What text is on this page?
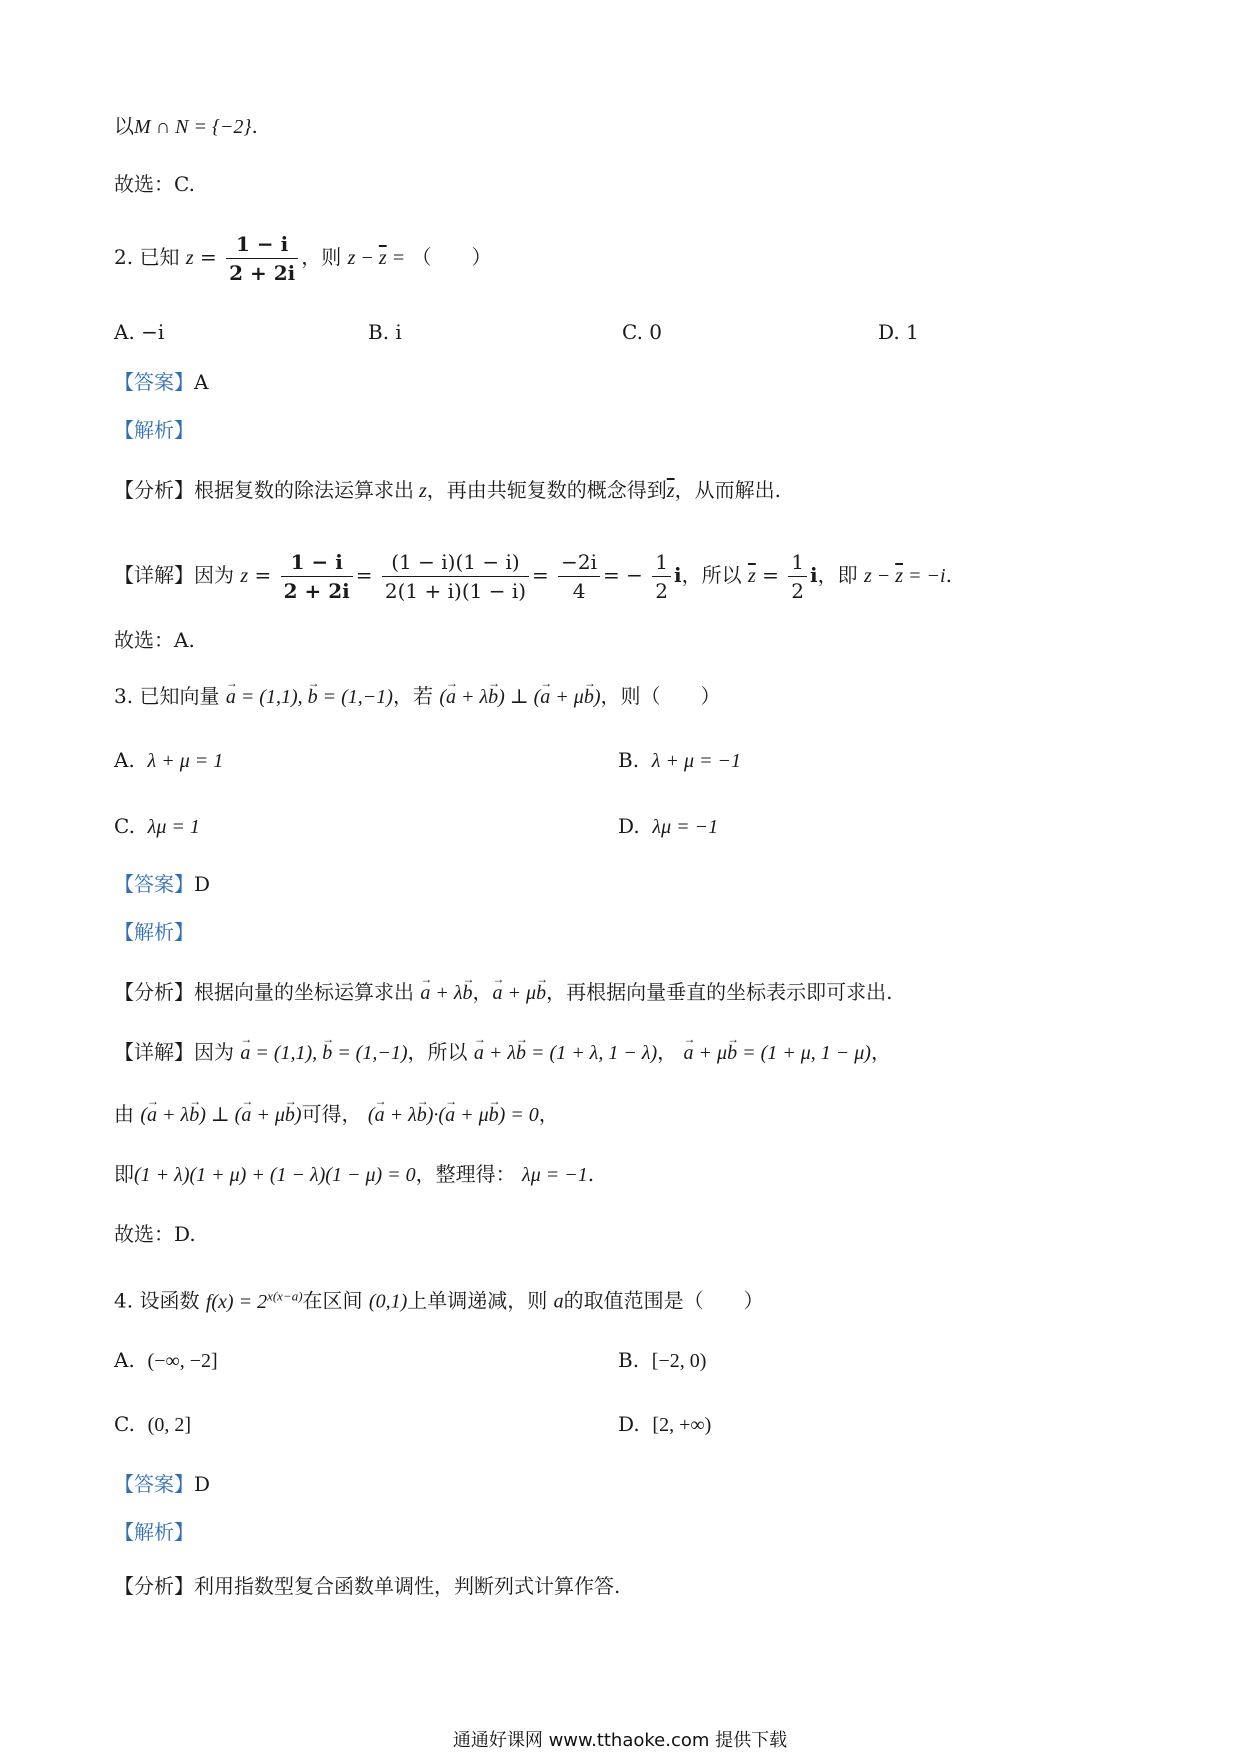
以M ∩ N = {−2}.
故选：C.
2. 已知 $z = \frac{1 - i}{2 + 2i}$ ，则 $z - \overline{z}$ = （　　）
A. −i	B. i	C. 0	D. 1
【答案】A
【解析】
【分析】根据复数的除法运算求出 z，再由共轭复数的概念得到$\overline{z}$，从而解出.
【详解】因为 $z = \frac{1 - i}{2 + 2i} = \frac{(1 - i)(1 - i)}{2(1 + i)(1 - i)} = \frac{-2i}{4}$ = − $\frac{1}{2}$ i，所以 $\overline{z} = \frac{1}{2}$ i，即 $z - \overline{z} = -i$.
故选：A.
3. 已知向量 → a = (1,1), → b = (1,−1)，若 (→ a + λ→ b) ⊥ (→ a + μ→ b)，则（　　）
A. λ + μ = 1	B. λ + μ = −1
C. λμ = 1	D. λμ = −1
【答案】D
【解析】
【分析】根据向量的坐标运算求出 → a + λ→ b，→ a + μ→ b，再根据向量垂直的坐标表示即可求出.
【详解】因为 → a = (1,1), → b = (1,−1)，所以 → a + λ→ b = (1 + λ, 1 − λ)， → a + μ→ b = (1 + μ, 1 − μ)，
由 (→ a + λ→ b) ⊥ (→ a + μ→ b)可得， (→ a + λ→ b)·(→ a + μ→ b) = 0，
即(1 + λ)(1 + μ) + (1 − λ)(1 − μ) = 0，整理得： λμ = −1.
故选：D.
4. 设函数 $f(x) = 2^{x(x-a)}$在区间 (0,1)上单调递减，则 a的取值范围是（　　）
A. (−∞, −2]	B. [−2, 0)
C. (0, 2]	D. [2, +∞)
【答案】D
【解析】
【分析】利用指数型复合函数单调性，判断列式计算作答.
通通好课网 www.tthaoke.com 提供下载
